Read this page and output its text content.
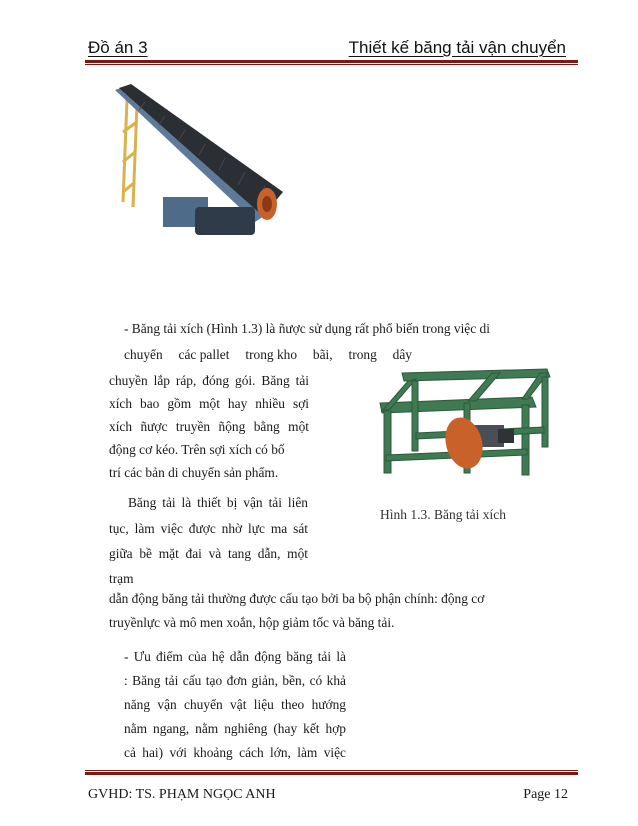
Đồ án 3	Thiết kế băng tải vận chuyển
- Băng tải xích (Hình 1.3) là ñược sử dụng rất phổ biến trong việc di
chuyển các pallet trong kho bãi, trong dây
chuyền lắp ráp, đóng gói. Băng tải
xích bao gồm một hay nhiều sợi
xích ñược truyền ñộng bằng một
động cơ kéo. Trên sợi xích có bố
trí các bản di chuyển sản phẩm.
Hình 1.3. Băng tải xích
Băng tải là thiết bị vận tải liên
tục, làm việc được nhờ lực ma sát
giữa bề mặt đai và tang dẫn, một
trạm
dẫn động băng tải thường được cấu tạo bởi ba bộ phận chính: động cơ
truyềnlực và mô men xoắn, hộp giảm tốc và băng tải.
- Ưu điểm của hệ dẫn động băng tải là
: Băng tải cấu tạo đơn giản, bền, có khả
năng vận chuyển vật liệu theo hướng
nằm ngang, nằm nghiêng (hay kết hợp
cả hai) với khoảng cách lớn, làm việc
GVHD: TS. PHẠM NGỌC ANH	Page 12
